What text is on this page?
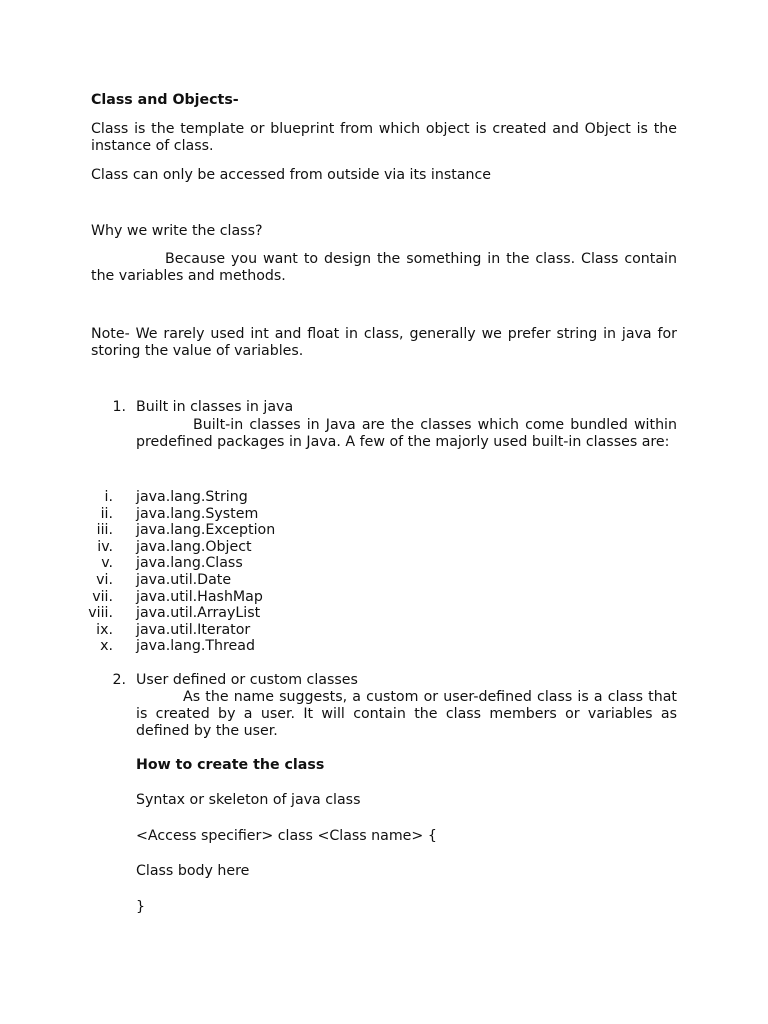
Class and Objects-
Class is the template or blueprint from which object is created and Object is the instance of class.
Class can only be accessed from outside via its instance
Why we write the class?
Because you want to design the something in the class. Class contain the variables and methods.
Note- We rarely used int and float in class, generally we prefer string in java for storing the value of variables.
1. Built in classes in java
Built-in classes in Java are the classes which come bundled within predefined packages in Java. A few of the majorly used built-in classes are:
i. java.lang.String
ii. java.lang.System
iii. java.lang.Exception
iv. java.lang.Object
v. java.lang.Class
vi. java.util.Date
vii. java.util.HashMap
viii. java.util.ArrayList
ix. java.util.Iterator
x. java.lang.Thread
2. User defined or custom classes
As the name suggests, a custom or user-defined class is a class that is created by a user. It will contain the class members or variables as defined by the user.
How to create the class
Syntax or skeleton of java class
<Access specifier> class <Class name> {
Class body here
}
